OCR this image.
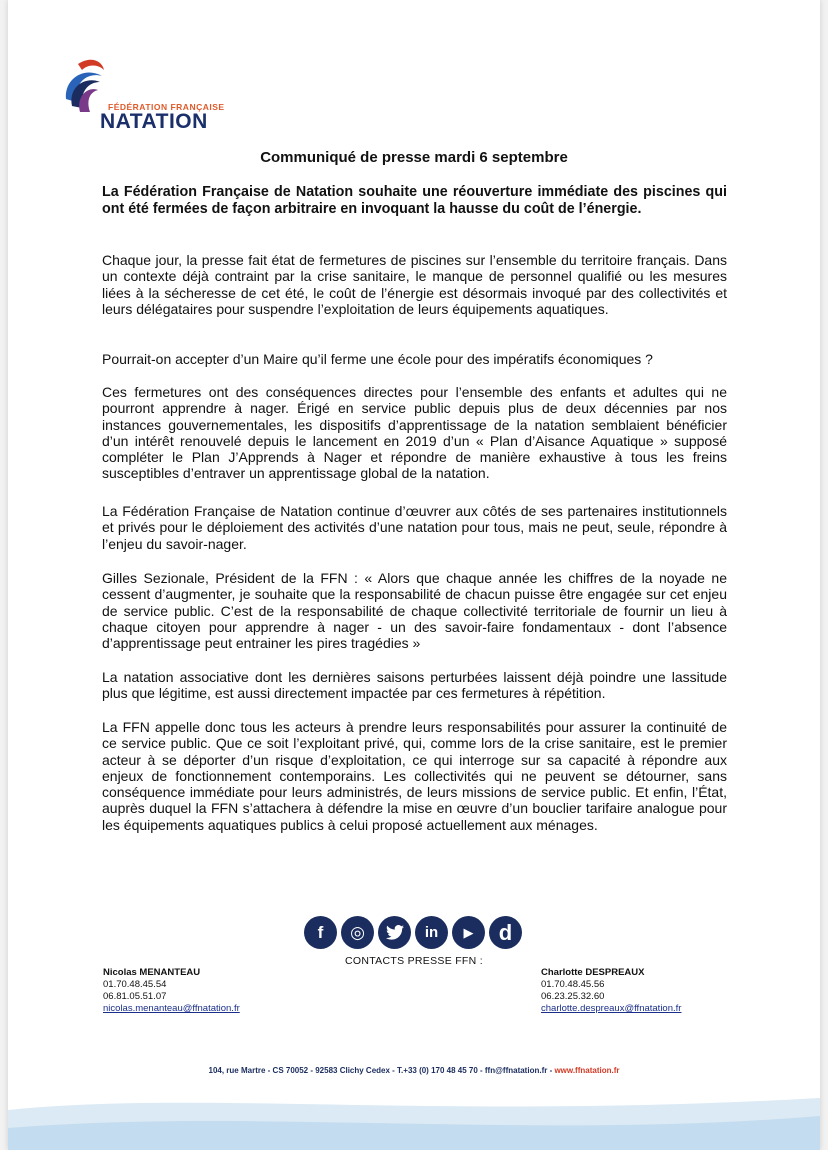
FÉDÉRATION FRANÇAISE
NATATION
Communiqué de presse mardi 6 septembre
La Fédération Française de Natation souhaite une réouverture immédiate des piscines qui ont été fermées de façon arbitraire en invoquant la hausse du coût de l’énergie.

Chaque jour, la presse fait état de fermetures de piscines sur l’ensemble du territoire français. Dans un contexte déjà contraint par la crise sanitaire, le manque de personnel qualifié ou les mesures liées à la sécheresse de cet été, le coût de l’énergie est désormais invoqué par des collectivités et leurs délégataires pour suspendre l’exploitation de leurs équipements aquatiques.

Pourrait-on accepter d’un Maire qu’il ferme une école pour des impératifs économiques ?

Ces fermetures ont des conséquences directes pour l’ensemble des enfants et adultes qui ne pourront apprendre à nager. Érigé en service public depuis plus de deux décennies par nos instances gouvernementales, les dispositifs d’apprentissage de la natation semblaient bénéficier d’un intérêt renouvelé depuis le lancement en 2019 d’un « Plan d’Aisance Aquatique » supposé compléter le Plan J’Apprends à Nager et répondre de manière exhaustive à tous les freins susceptibles d’entraver un apprentissage global de la natation.

La Fédération Française de Natation continue d’œuvrer aux côtés de ses partenaires institutionnels et privés pour le déploiement des activités d’une natation pour tous, mais ne peut, seule, répondre à l’enjeu du savoir-nager.

Gilles Sezionale, Président de la FFN : « Alors que chaque année les chiffres de la noyade ne cessent d’augmenter, je souhaite que la responsabilité de chacun puisse être engagée sur cet enjeu de service public. C’est de la responsabilité de chaque collectivité territoriale de fournir un lieu à chaque citoyen pour apprendre à nager - un des savoir-faire fondamentaux - dont l’absence d’apprentissage peut entrainer les pires tragédies »

La natation associative dont les dernières saisons perturbées laissent déjà poindre une lassitude plus que légitime, est aussi directement impactée par ces fermetures à répétition.

La FFN appelle donc tous les acteurs à prendre leurs responsabilités pour assurer la continuité de ce service public. Que ce soit l’exploitant privé, qui, comme lors de la crise sanitaire, est le premier acteur à se déporter d’un risque d’exploitation, ce qui interroge sur sa capacité à répondre aux enjeux de fonctionnement contemporains. Les collectivités qui ne peuvent se détourner, sans conséquence immédiate pour leurs administrés, de leurs missions de service public. Et enfin, l’État, auprès duquel la FFN s’attachera à défendre la mise en œuvre d’un bouclier tarifaire analogue pour les équipements aquatiques publics à celui proposé actuellement aux ménages.

f	◎	in	▶	d
CONTACTS PRESSE FFN :
Nicolas MENANTEAU
01.70.48.45.54
06.81.05.51.07
nicolas.menanteau@ffnatation.fr
Charlotte DESPREAUX
01.70.48.45.56
06.23.25.32.60
charlotte.despreaux@ffnatation.fr
104, rue Martre - CS 70052 - 92583 Clichy Cedex - T.+33 (0) 170 48 45 70 - ffn@ffnatation.fr - www.ffnatation.fr
